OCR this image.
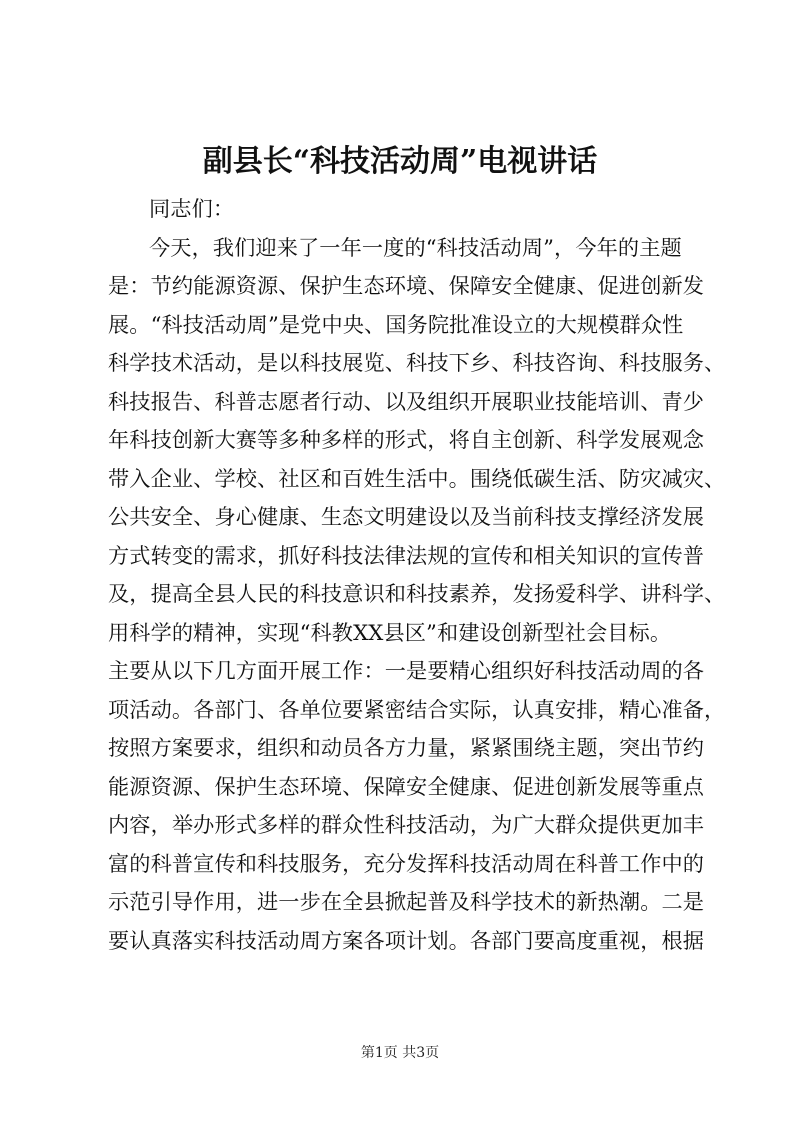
副县长“科技活动周”电视讲话
同志们：
今天，我们迎来了一年一度的“科技活动周”，今年的主题
是：节约能源资源、保护生态环境、保障安全健康、促进创新发
展。“科技活动周”是党中央、国务院批准设立的大规模群众性
科学技术活动，是以科技展览、科技下乡、科技咨询、科技服务、
科技报告、科普志愿者行动、以及组织开展职业技能培训、青少
年科技创新大赛等多种多样的形式，将自主创新、科学发展观念
带入企业、学校、社区和百姓生活中。围绕低碳生活、防灾减灾、
公共安全、身心健康、生态文明建设以及当前科技支撑经济发展
方式转变的需求，抓好科技法律法规的宣传和相关知识的宣传普
及，提高全县人民的科技意识和科技素养，发扬爱科学、讲科学、
用科学的精神，实现“科教XX县区”和建设创新型社会目标。
主要从以下几方面开展工作：一是要精心组织好科技活动周的各
项活动。各部门、各单位要紧密结合实际，认真安排，精心准备，
按照方案要求，组织和动员各方力量，紧紧围绕主题，突出节约
能源资源、保护生态环境、保障安全健康、促进创新发展等重点
内容，举办形式多样的群众性科技活动，为广大群众提供更加丰
富的科普宣传和科技服务，充分发挥科技活动周在科普工作中的
示范引导作用，进一步在全县掀起普及科学技术的新热潮。二是
要认真落实科技活动周方案各项计划。各部门要高度重视，根据
第1页 共3页
